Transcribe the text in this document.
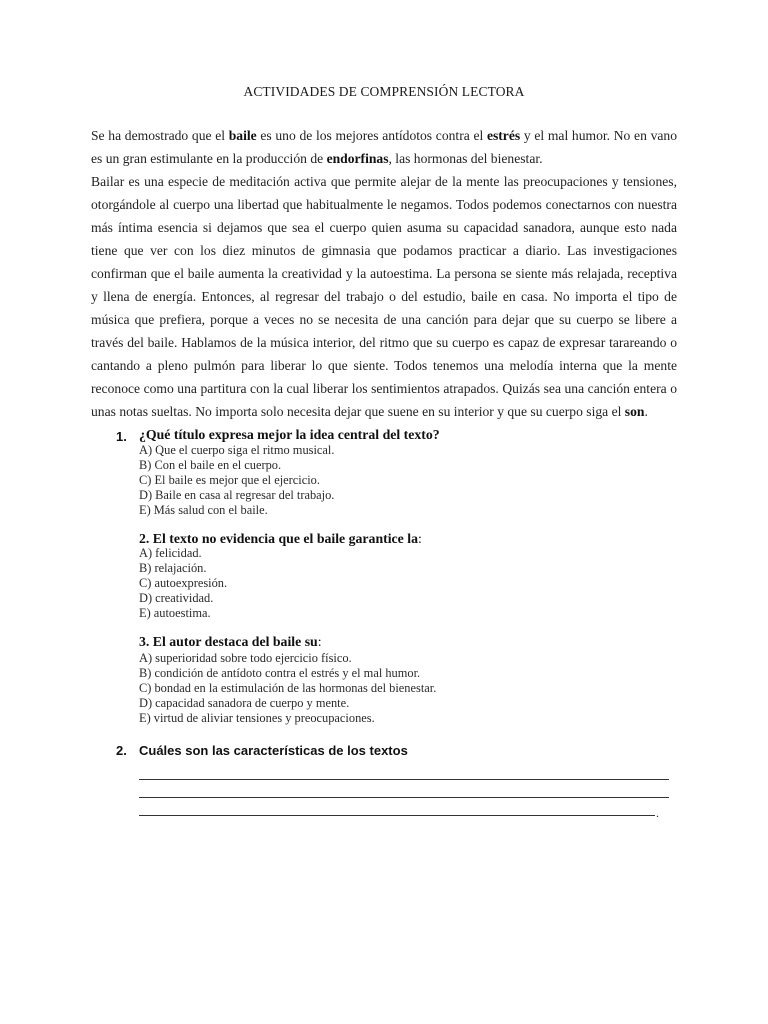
ACTIVIDADES DE COMPRENSIÓN LECTORA

Se ha demostrado que el baile es uno de los mejores antídotos contra el estrés y el mal humor. No en vano es un gran estimulante en la producción de endorfinas, las hormonas del bienestar.

Bailar es una especie de meditación activa que permite alejar de la mente las preocupaciones y tensiones, otorgándole al cuerpo una libertad que habitualmente le negamos. Todos podemos conectarnos con nuestra más íntima esencia si dejamos que sea el cuerpo quien asuma su capacidad sanadora, aunque esto nada tiene que ver con los diez minutos de gimnasia que podamos practicar a diario. Las investigaciones confirman que el baile aumenta la creatividad y la autoestima. La persona se siente más relajada, receptiva y llena de energía. Entonces, al regresar del trabajo o del estudio, baile en casa. No importa el tipo de música que prefiera, porque a veces no se necesita de una canción para dejar que su cuerpo se libere a través del baile. Hablamos de la música interior, del ritmo que su cuerpo es capaz de expresar tarareando o cantando a pleno pulmón para liberar lo que siente. Todos tenemos una melodía interna que la mente reconoce como una partitura con la cual liberar los sentimientos atrapados. Quizás sea una canción entera o unas notas sueltas. No importa solo necesita dejar que suene en su interior y que su cuerpo siga el son.

1. ¿Qué título expresa mejor la idea central del texto?
A) Que el cuerpo siga el ritmo musical.
B) Con el baile en el cuerpo.
C) El baile es mejor que el ejercicio.
D) Baile en casa al regresar del trabajo.
E) Más salud con el baile.
2. El texto no evidencia que el baile garantice la:
A) felicidad.
B) relajación.
C) autoexpresión.
D) creatividad.
E) autoestima.
3. El autor destaca del baile su:
A) superioridad sobre todo ejercicio físico.
B) condición de antídoto contra el estrés y el mal humor.
C) bondad en la estimulación de las hormonas del bienestar.
D) capacidad sanadora de cuerpo y mente.
E) virtud de aliviar tensiones y preocupaciones.
2. Cuáles son las características de los textos
.
